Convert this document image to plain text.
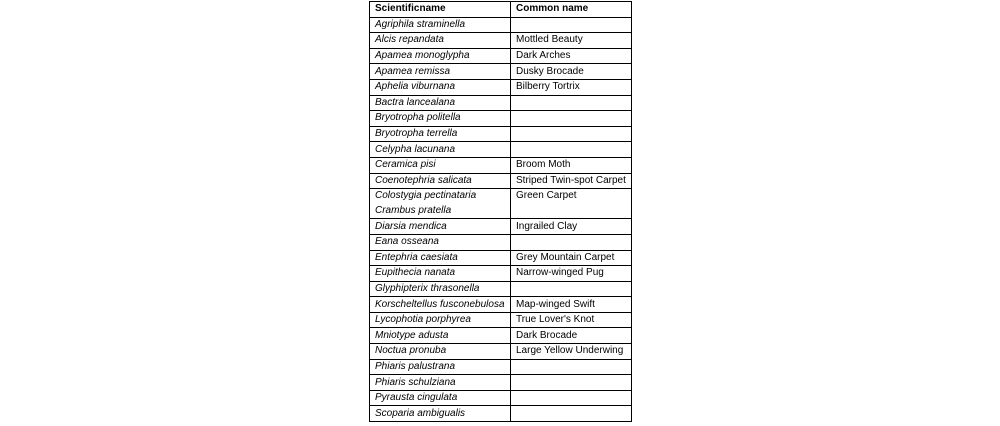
Scientificname	Common name
Agriphila straminella	
Alcis repandata	Mottled Beauty
Apamea monoglypha	Dark Arches
Apamea remissa	Dusky Brocade
Aphelia viburnana	Bilberry Tortrix
Bactra lancealana	
Bryotropha politella	
Bryotropha terrella	
Celypha lacunana	
Ceramica pisi	Broom Moth
Coenotephria salicata	Striped Twin-spot Carpet
Colostygia pectinataria	Green Carpet
Crambus pratella	
Diarsia mendica	Ingrailed Clay
Eana osseana	
Entephria caesiata	Grey Mountain Carpet
Eupithecia nanata	Narrow-winged Pug
Glyphipterix thrasonella	
Korscheltellus fusconebulosa	Map-winged Swift
Lycophotia porphyrea	True Lover's Knot
Mniotype adusta	Dark Brocade
Noctua pronuba	Large Yellow Underwing
Phiaris palustrana	
Phiaris schulziana	
Pyrausta cingulata	
Scoparia ambigualis	
